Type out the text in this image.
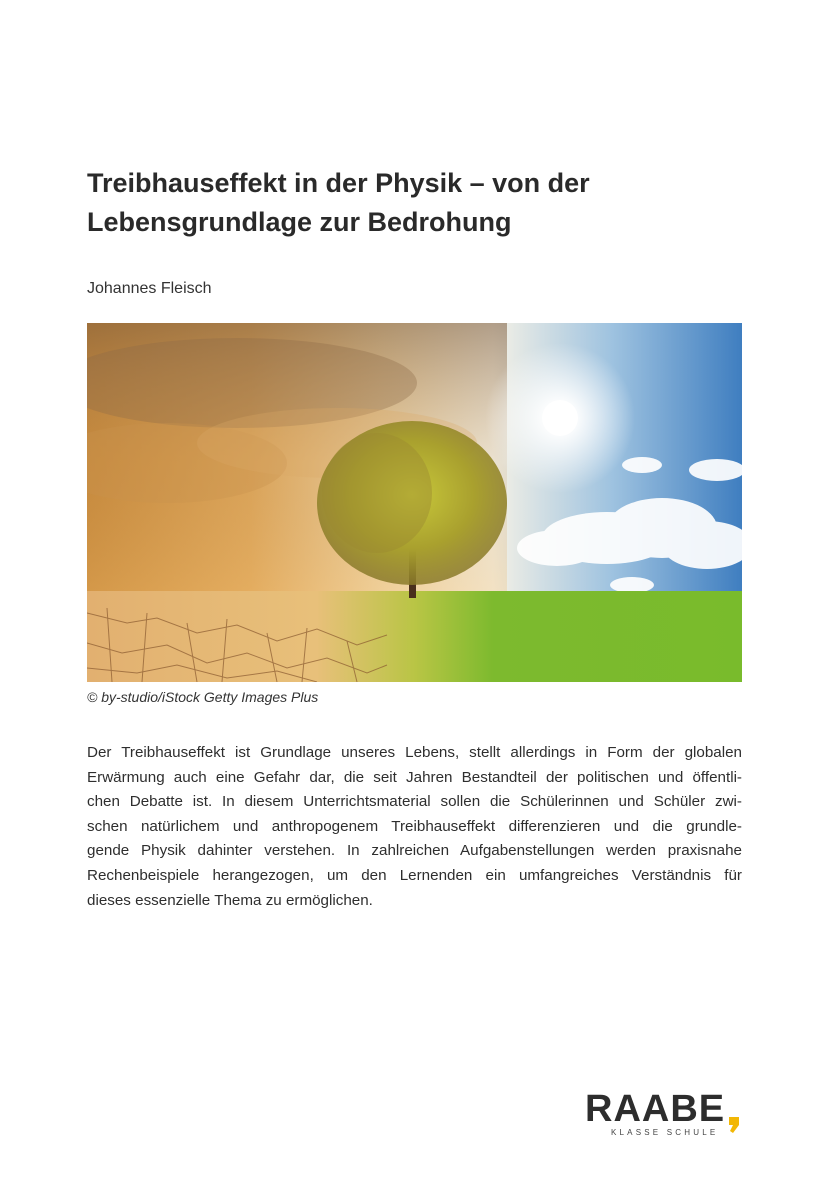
Treibhauseffekt in der Physik – von der
Lebensgrundlage zur Bedrohung
Johannes Fleisch
© by-studio/iStock Getty Images Plus

Der Treibhauseffekt ist Grundlage unseres Lebens, stellt allerdings in Form der globalen
Erwärmung auch eine Gefahr dar, die seit Jahren Bestandteil der politischen und öffentli-
chen Debatte ist. In diesem Unterrichtsmaterial sollen die Schülerinnen und Schüler zwi-
schen natürlichem und anthropogenem Treibhauseffekt differenzieren und die grundle-
gende Physik dahinter verstehen. In zahlreichen Aufgabenstellungen werden praxisnahe
Rechenbeispiele herangezogen, um den Lernenden ein umfangreiches Verständnis für
dieses essenzielle Thema zu ermöglichen.

RAABE
KLASSE SCHULE
